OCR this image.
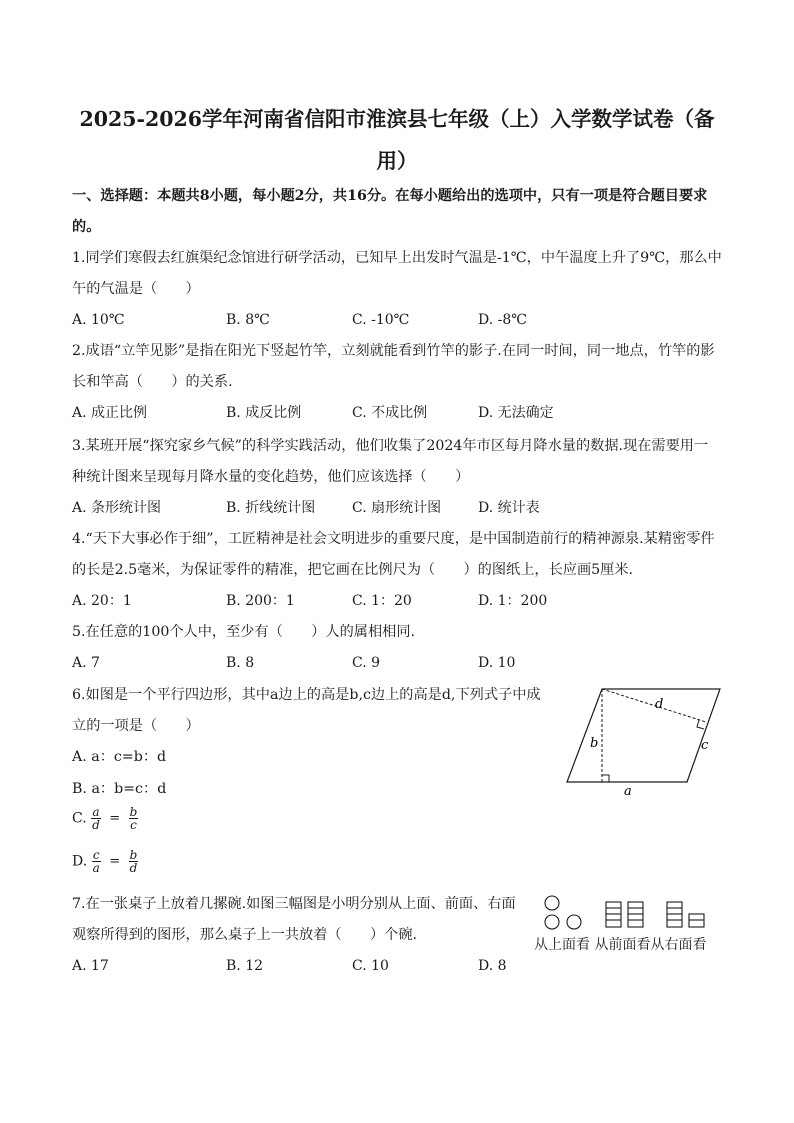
2025-2026学年河南省信阳市淮滨县七年级（上）入学数学试卷（备
用）
一、选择题：本题共8小题，每小题2分，共16分。在每小题给出的选项中，只有一项是符合题目要求
的。
1.同学们寒假去红旗渠纪念馆进行研学活动，已知早上出发时气温是-1℃，中午温度上升了9℃，那么中
午的气温是（　　）
A. 10℃	B. 8℃	C. -10℃	D. -8℃
2.成语“立竿见影”是指在阳光下竖起竹竿，立刻就能看到竹竿的影子.在同一时间，同一地点，竹竿的影
长和竿高（　　）的关系.
A. 成正比例	B. 成反比例	C. 不成比例	D. 无法确定
3.某班开展“探究家乡气候”的科学实践活动，他们收集了2024年市区每月降水量的数据.现在需要用一
种统计图来呈现每月降水量的变化趋势，他们应该选择（　　）
A. 条形统计图	B. 折线统计图	C. 扇形统计图	D. 统计表
4.“天下大事必作于细”，工匠精神是社会文明进步的重要尺度，是中国制造前行的精神源泉.某精密零件
的长是2.5毫米，为保证零件的精准，把它画在比例尺为（　　）的图纸上，长应画5厘米.
A. 20：1	B. 200：1	C. 1：20	D. 1：200
5.在任意的100个人中，至少有（　　）人的属相相同.
A. 7	B. 8	C. 9	D. 10
6.如图是一个平行四边形，其中a边上的高是b,c边上的高是d,下列式子中成
立的一项是（　　）
A. a：c=b：d
B. a：b=c：d
C. $\frac{a}{d} = \frac{b}{c}$
D. $\frac{c}{a} = \frac{b}{d}$
d
b	c
a
7.在一张桌子上放着几摞碗.如图三幅图是小明分别从上面、前面、右面
观察所得到的图形，那么桌子上一共放着（　　）个碗.
从上面看 从前面看从右面看
A. 17	B. 12	C. 10	D. 8
